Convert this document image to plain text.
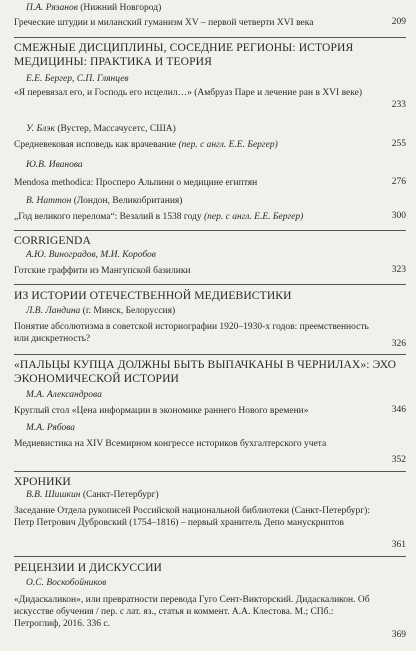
П.А. Рязанов (Нижний Новгород)
Греческие штудии и миланский гуманизм XV – первой четверти XVI века	209
СМЕЖНЫЕ ДИСЦИПЛИНЫ, СОСЕДНИЕ РЕГИОНЫ: ИСТОРИЯ МЕДИЦИНЫ: ПРАКТИКА И ТЕОРИЯ
Е.Е. Бергер, С.П. Глянцев
«Я перевязал его, и Господь его исцелил…» (Амбруаз Паре и лечение ран в XVI веке)
233
У. Блэк (Вустер, Массачусетс, США)
Средневековая исповедь как врачевание (пер. с англ. Е.Е. Бергер)	255
Ю.В. Иванова
Mendosa methodica: Просперо Альпини о медицине египтян	276
В. Наттон (Лондон, Великобритания)
„Год великого перелома“: Везалий в 1538 году (пер. с англ. Е.Е. Бергер)	300
CORRIGENDA
А.Ю. Виноградов, М.И. Коробов
Готские граффити из Мангупской базилики	323
ИЗ ИСТОРИИ ОТЕЧЕСТВЕННОЙ МЕДИЕВИСТИКИ
Л.В. Ландина (г. Минск, Белоруссия)
Понятие абсолютизма в советской историографии 1920–1930-х годов: преемственность или дискретность?	326
«ПАЛЬЦЫ КУПЦА ДОЛЖНЫ БЫТЬ ВЫПАЧКАНЫ В ЧЕРНИЛАХ»: ЭХО ЭКОНОМИЧЕСКОЙ ИСТОРИИ
М.А. Александрова
Круглый стол «Цена информации в экономике раннего Нового времени»	346
М.А. Рябова
Медиевистика на XIV Всемирном конгрессе историков бухгалтерского учета
352
ХРОНИКИ
В.В. Шишкин (Санкт-Петербург)
Заседание Отдела рукописей Российской национальной библиотеки (Санкт-Петербург): Петр Петрович Дубровский (1754–1816) – первый хранитель Депо манускриптов
361
РЕЦЕНЗИИ И ДИСКУССИИ
О.С. Воскобойников
«Дидаскаликон», или превратности перевода Гуго Сент-Викторский. Дидаскаликон. Об искусстве обучения / пер. с лат. яз., статья и коммент. А.А. Клестова. М.; СПб.: Петроглиф, 2016. 336 с.
369
